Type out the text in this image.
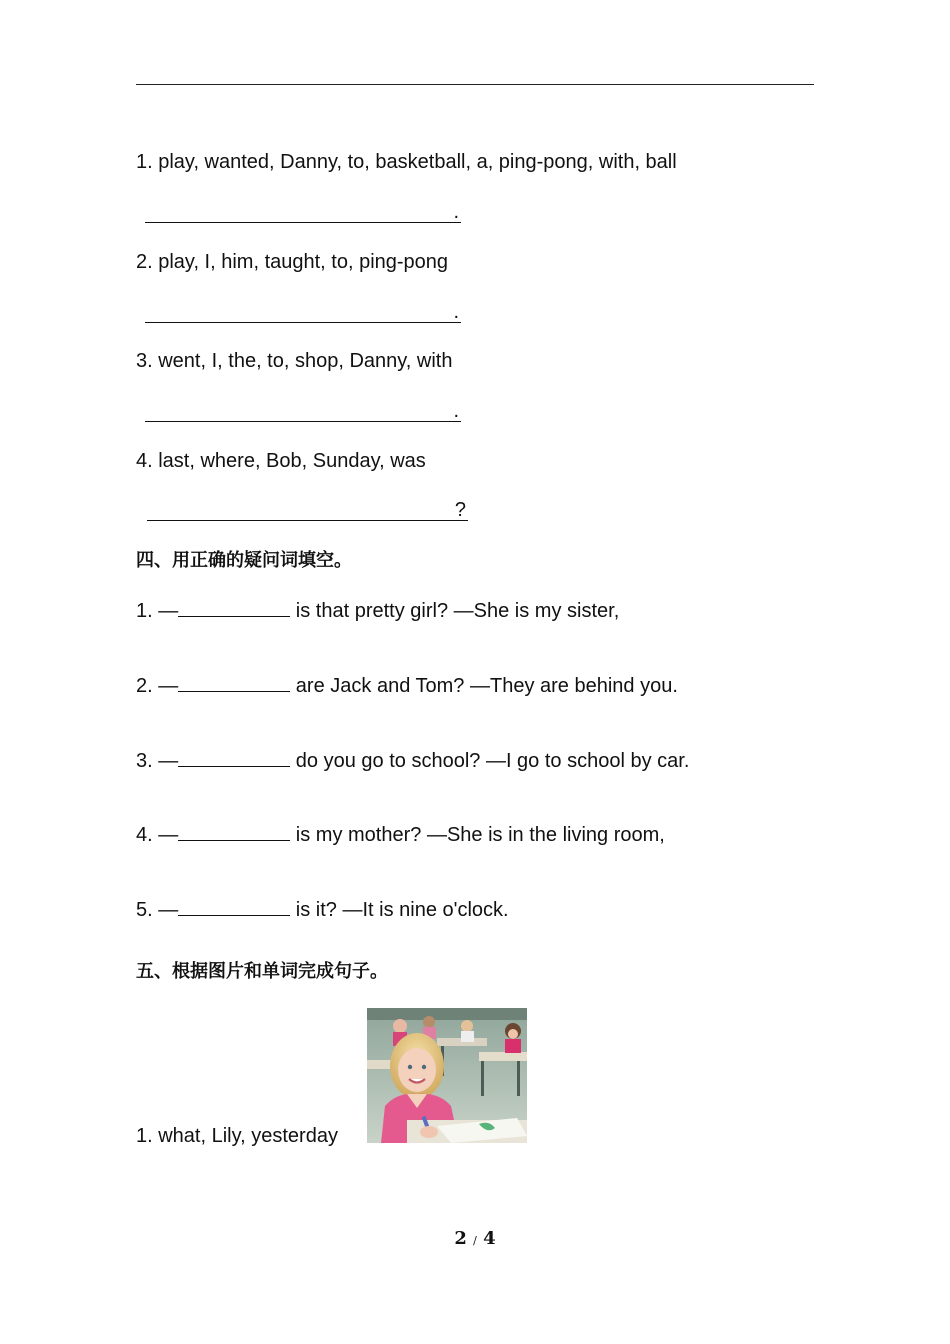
1. play, wanted, Danny, to, basketball, a, ping-pong, with, ball
.
2. play, I, him, taught, to, ping-pong
.
3. went, I, the, to, shop, Danny, with
.
4. last, where, Bob, Sunday, was
?
四、用正确的疑问词填空。
1. —	is that pretty girl? —She is my sister,
2. —	are Jack and Tom? —They are behind you.
3. —	do you go to school? —I go to school by car.
4. —	is my mother? —She is in the living room,
5. —	is it? —It is nine o'clock.
五、根据图片和单词完成句子。
1. what, Lily, yesterday
2 / 4
